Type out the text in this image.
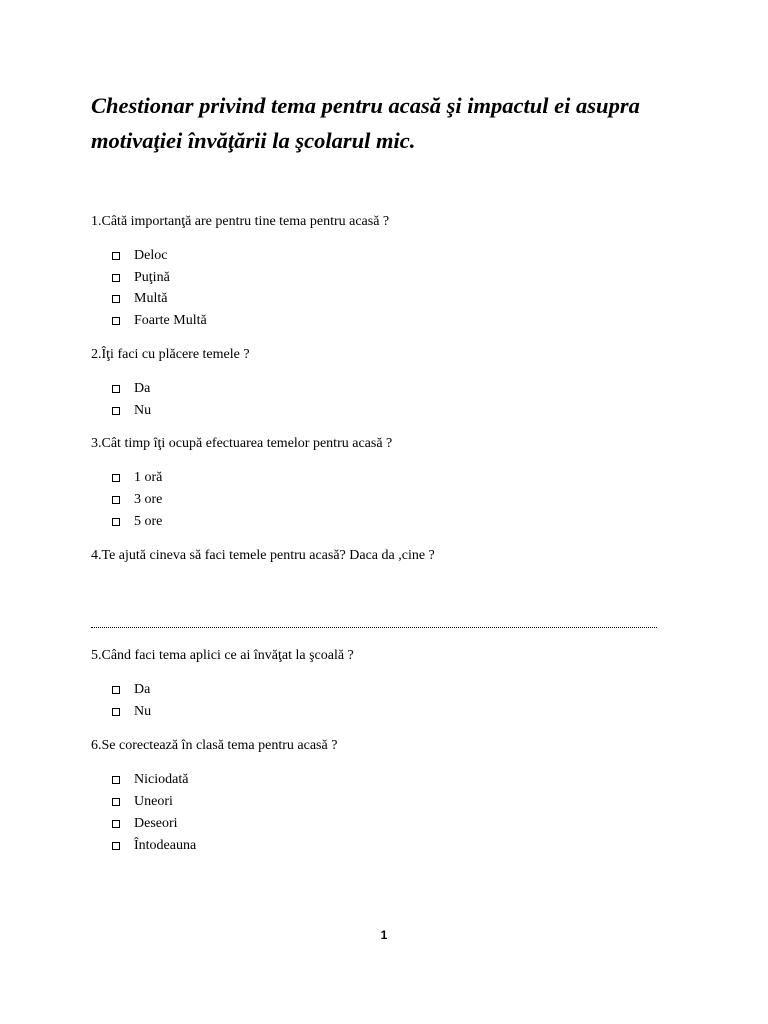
Chestionar privind tema pentru acasă şi impactul ei asupra
motivaţiei învăţării la şcolarul mic.

1.Câtă importanţă are pentru tine tema pentru acasă ?

Deloc
Puţină
Multă
Foarte Multă

2.Îţi faci cu plăcere temele ?

Da
Nu

3.Cât timp îţi ocupă efectuarea temelor pentru acasă ?

1 oră
3 ore
5 ore

4.Te ajută cineva să faci temele pentru acasă? Daca da ,cine ?

5.Când faci tema aplici ce ai învăţat la şcoală ?

Da
Nu

6.Se corectează în clasă tema pentru acasă ?

Niciodată
Uneori
Deseori
Întodeauna
1
